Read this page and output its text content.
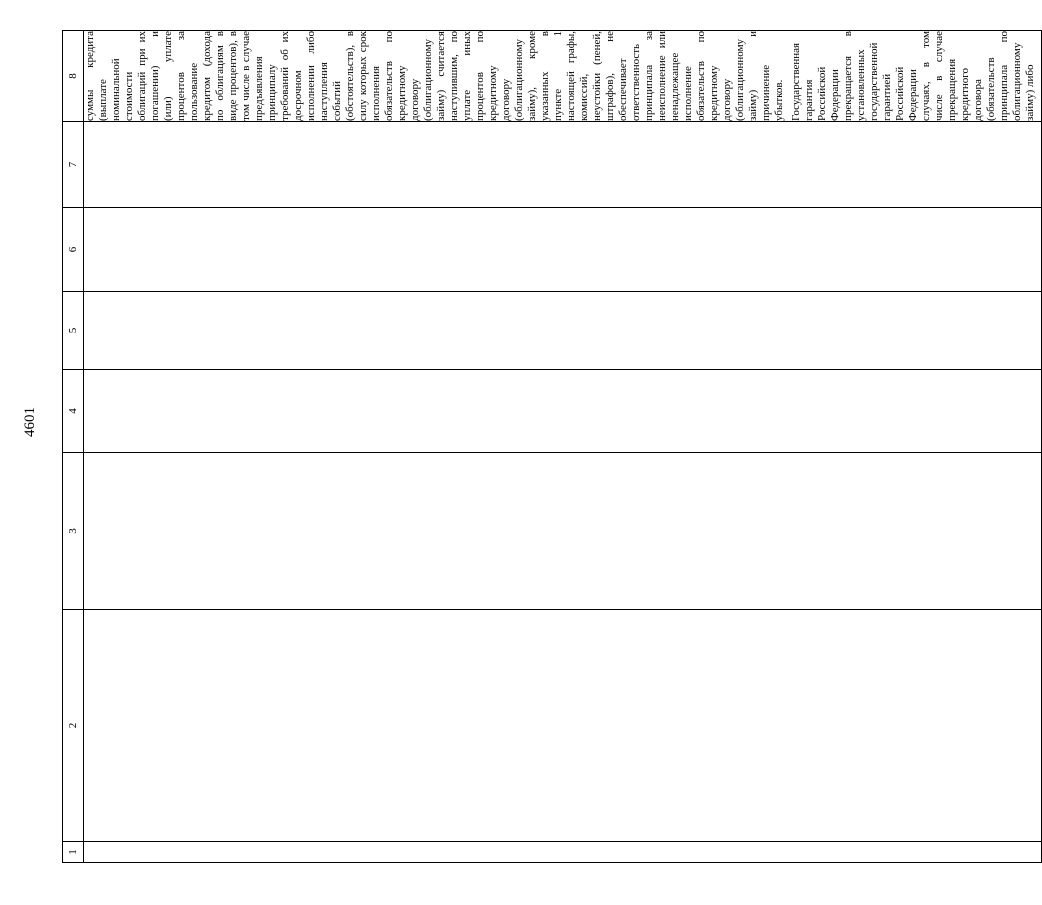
4601
1	2	3	4	5	6	7	8

							суммы кредита (выплате номинальной стоимости облигаций при их погашении) и (или) уплате процентов за пользование кредитом (дохода по облигациям в виде процентов), в том числе в случае предъявления принципалу требований об их досрочном исполнении либо наступления событий (обстоятельств), в силу которых срок исполнения обязательств по кредитному договору (облигационному займу) считается наступившим, по уплате иных процентов по кредитному договору (облигационному займу), кроме указанных в пункте 1 настоящей графы, комиссий, неустойки (пеней, штрафов), не обеспечивает ответственность принципала за неисполнение или ненадлежащее исполнение обязательств по кредитному договору (облигационному займу) и причинение убытков. Государственная гарантия Российской Федерации прекращается в установленных государственной гарантией Российской Федерации случаях, в том числе в случае прекращения кредитного договора (обязательств принципала по облигационному займу) либо
